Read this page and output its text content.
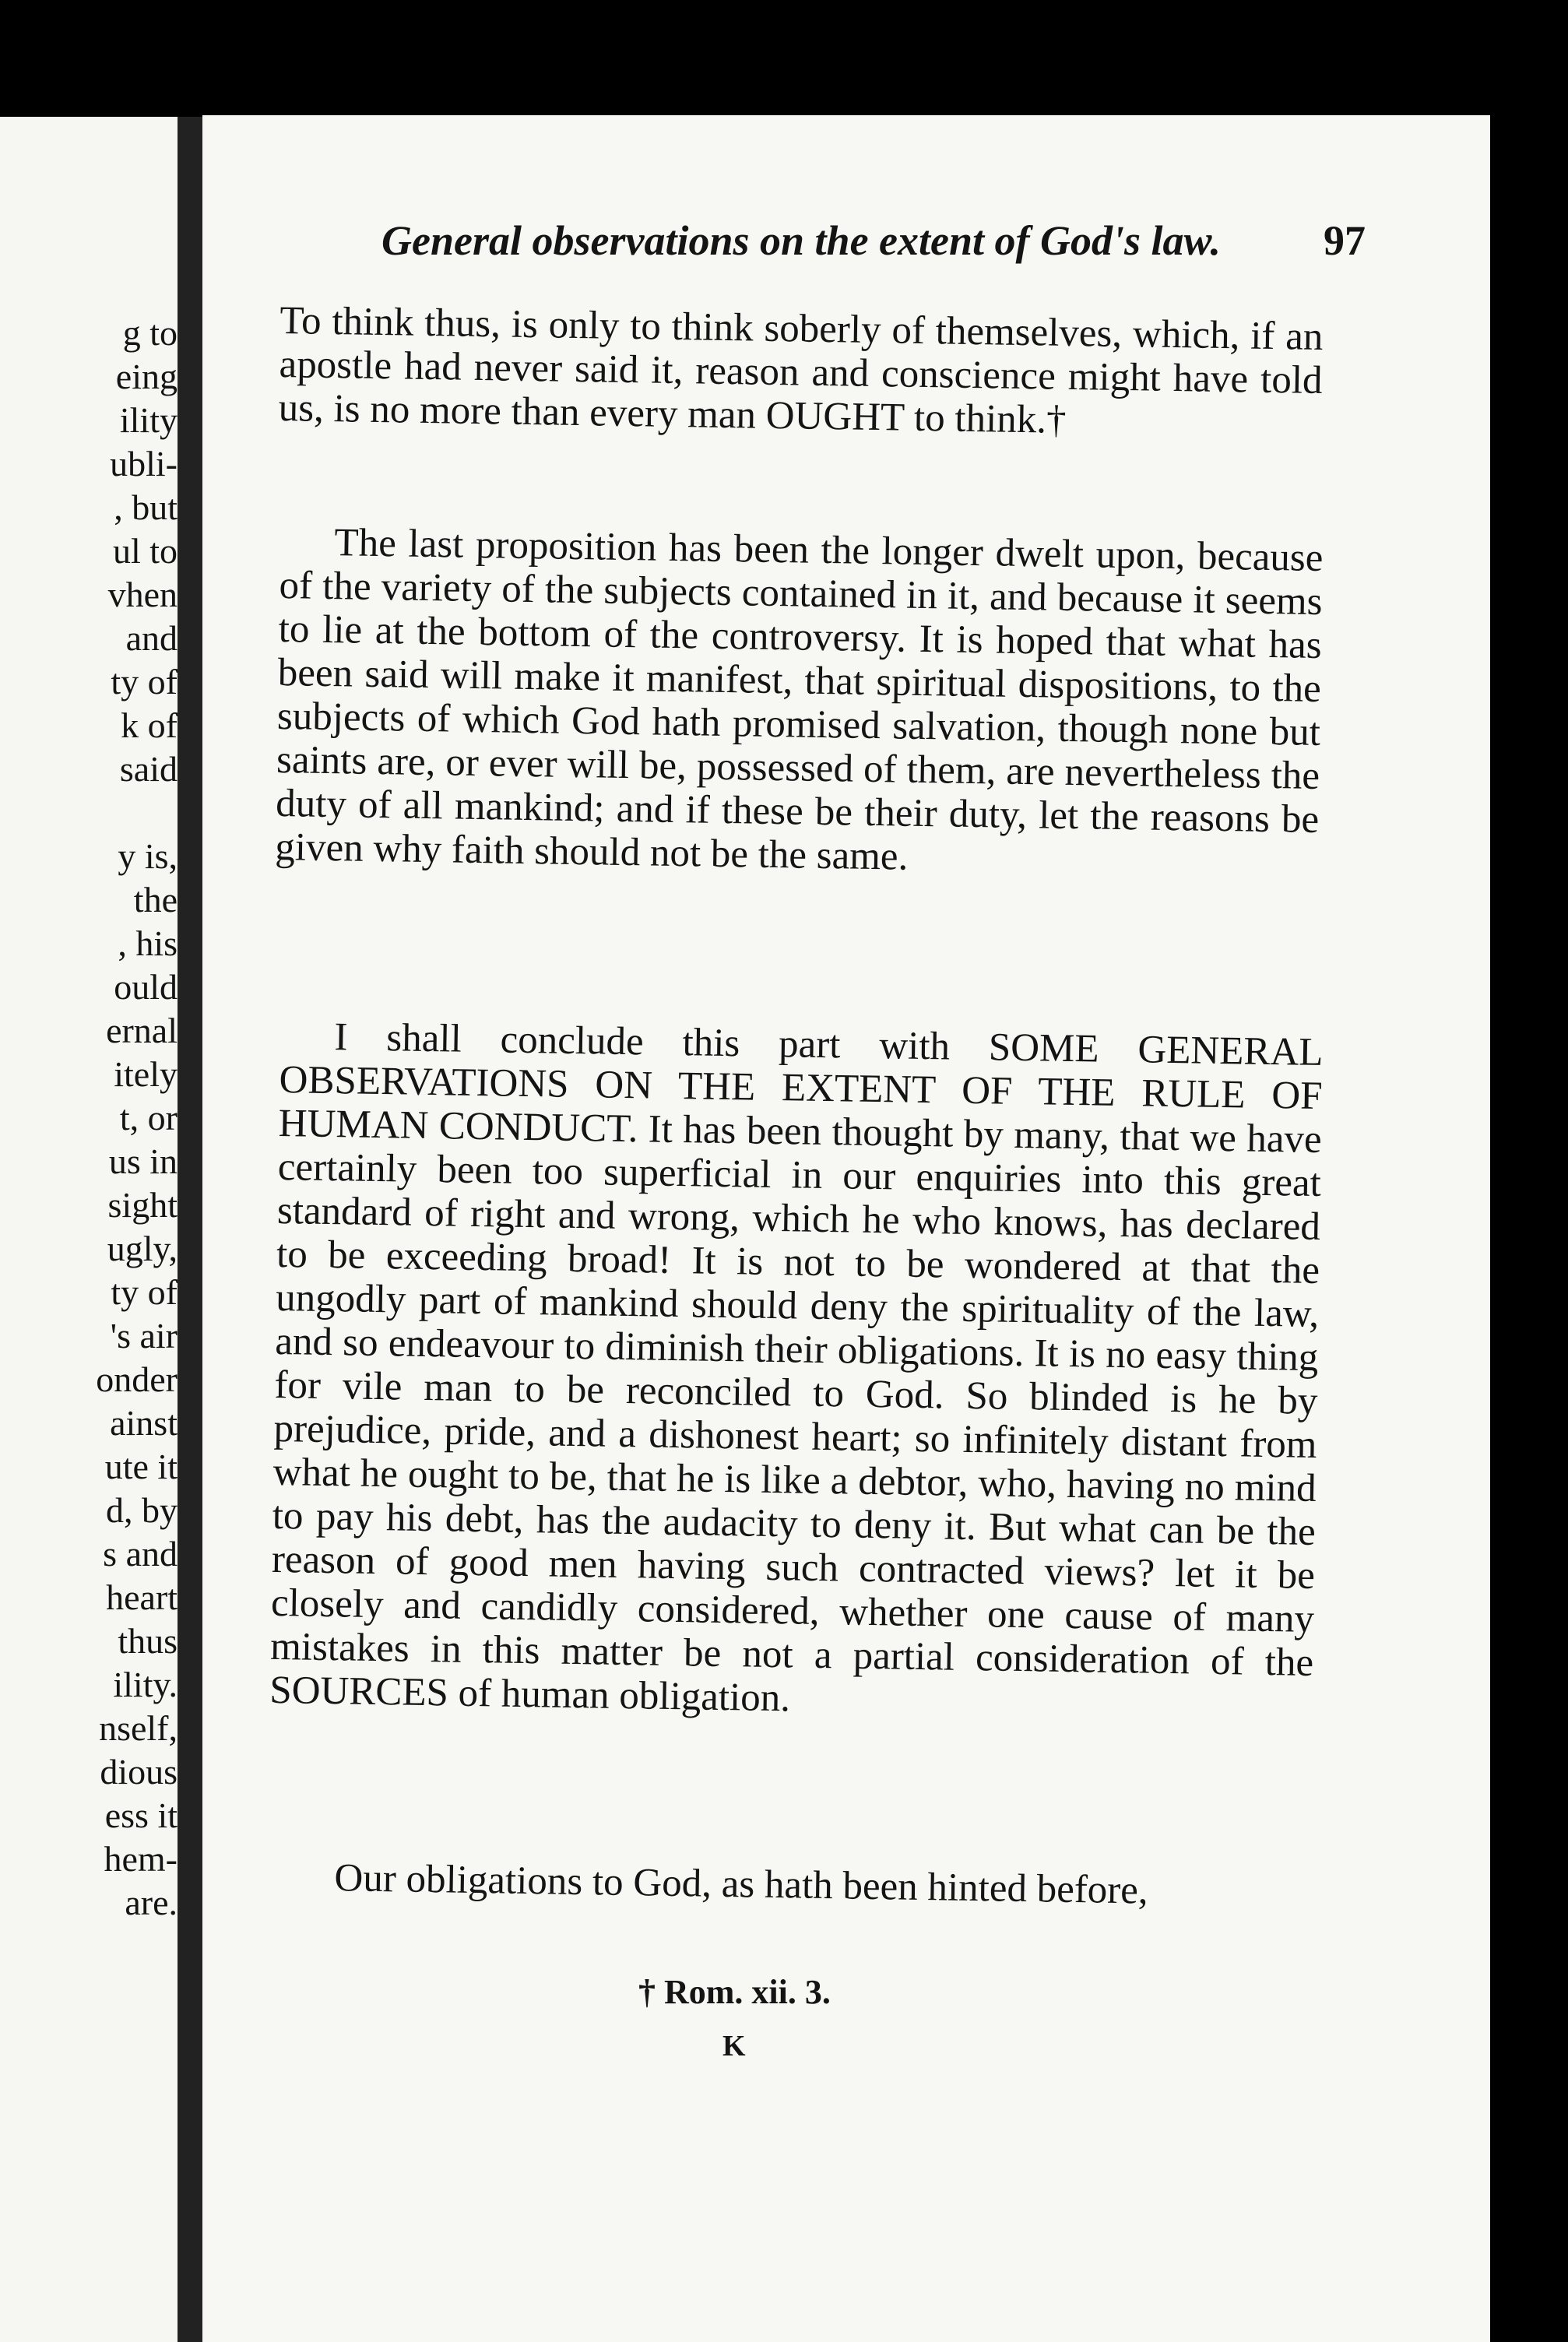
g to
eing
ility
ubli-
, but
ul to
vhen
and
ty of
k of
said
y is,
the
, his
ould
ernal
itely
t, or
us in
sight
ugly,
ty of
's air
onder
ainst
ute it
d, by
s and
heart
thus
ility.
nself,
dious
ess it
hem-
are.
General observations on the extent of God's law.	97

To think thus, is only to think soberly of themselves, which, if an apostle had never said it, reason and conscience might have told us, is no more than every man OUGHT to think.†

The last proposition has been the longer dwelt upon, because of the variety of the subjects contained in it, and because it seems to lie at the bottom of the controversy. It is hoped that what has been said will make it manifest, that spiritual dispositions, to the subjects of which God hath promised salvation, though none but saints are, or ever will be, possessed of them, are nevertheless the duty of all mankind; and if these be their duty, let the reasons be given why faith should not be the same.

I shall conclude this part with SOME GENERAL OBSERVATIONS ON THE EXTENT OF THE RULE OF HUMAN CONDUCT. It has been thought by many, that we have certainly been too superficial in our enquiries into this great standard of right and wrong, which he who knows, has declared to be exceeding broad! It is not to be wondered at that the ungodly part of mankind should deny the spirituality of the law, and so endeavour to diminish their obligations. It is no easy thing for vile man to be reconciled to God. So blinded is he by prejudice, pride, and a dishonest heart; so infinitely distant from what he ought to be, that he is like a debtor, who, having no mind to pay his debt, has the audacity to deny it. But what can be the reason of good men having such contracted views? let it be closely and candidly considered, whether one cause of many mistakes in this matter be not a partial consideration of the SOURCES of human obligation.

Our obligations to God, as hath been hinted before,

† Rom. xii. 3.
K
